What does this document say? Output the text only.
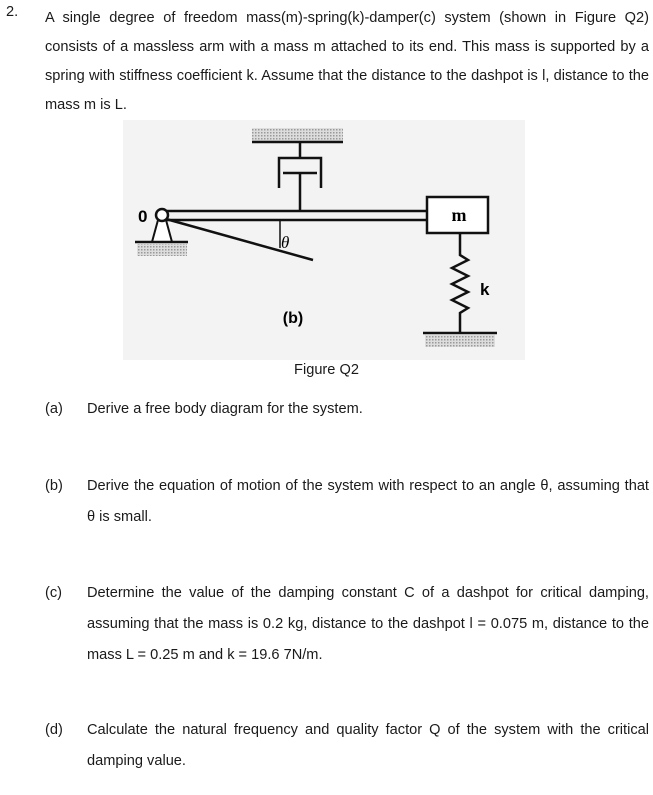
2. A single degree of freedom mass(m)-spring(k)-damper(c) system (shown in Figure Q2) consists of a massless arm with a mass m attached to its end. This mass is supported by a spring with stiffness coefficient k. Assume that the distance to the dashpot is l, distance to the mass m is L.
0
θ
m
k
(b)
Figure Q2
(a) Derive a free body diagram for the system.
(b) Derive the equation of motion of the system with respect to an angle θ, assuming that θ is small.
(c) Determine the value of the damping constant C of a dashpot for critical damping, assuming that the mass is 0.2 kg, distance to the dashpot l = 0.075 m, distance to the mass L = 0.25 m and k = 19.6 7N/m.
(d) Calculate the natural frequency and quality factor Q of the system with the critical damping value.
